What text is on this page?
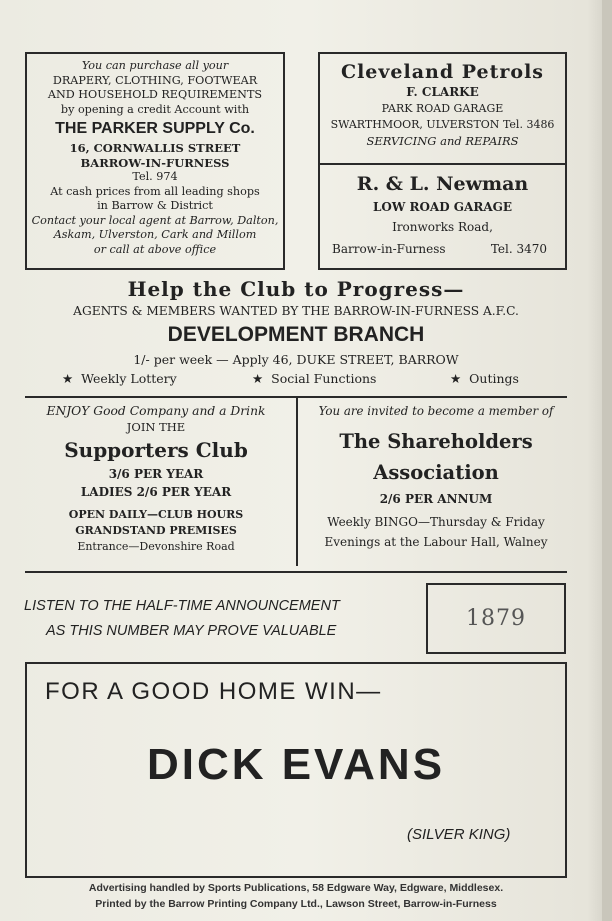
You can purchase all your
DRAPERY, CLOTHING, FOOTWEAR
AND HOUSEHOLD REQUIREMENTS
by opening a credit Account with
THE PARKER SUPPLY Co.
16, CORNWALLIS STREET
BARROW-IN-FURNESS
Tel. 974
At cash prices from all leading shops
in Barrow & District
Contact your local agent at Barrow, Dalton,
Askam, Ulverston, Cark and Millom
or call at above office
Cleveland Petrols
F. CLARKE
PARK ROAD GARAGE
SWARTHMOOR, ULVERSTON Tel. 3486
SERVICING and REPAIRS
R. & L. Newman
LOW ROAD GARAGE
Ironworks Road,
Barrow-in-Furness	Tel. 3470
Help the Club to Progress—
AGENTS & MEMBERS WANTED BY THE BARROW-IN-FURNESS A.F.C.
DEVELOPMENT BRANCH
1/- per week — Apply 46, DUKE STREET, BARROW
★  Weekly Lottery	★  Social Functions	★  Outings
ENJOY Good Company and a Drink
JOIN THE
Supporters Club
3/6 PER YEAR
LADIES 2/6 PER YEAR
OPEN DAILY—CLUB HOURS
GRANDSTAND PREMISES
Entrance—Devonshire Road
You are invited to become a member of
The Shareholders
Association
2/6 PER ANNUM
Weekly BINGO—Thursday & Friday
Evenings at the Labour Hall, Walney
LISTEN TO THE HALF-TIME ANNOUNCEMENT
AS THIS NUMBER MAY PROVE VALUABLE	1879
FOR A GOOD HOME WIN—
DICK EVANS
(SILVER KING)
Advertising handled by Sports Publications, 58 Edgware Way, Edgware, Middlesex.
Printed by the Barrow Printing Company Ltd., Lawson Street, Barrow-in-Furness
